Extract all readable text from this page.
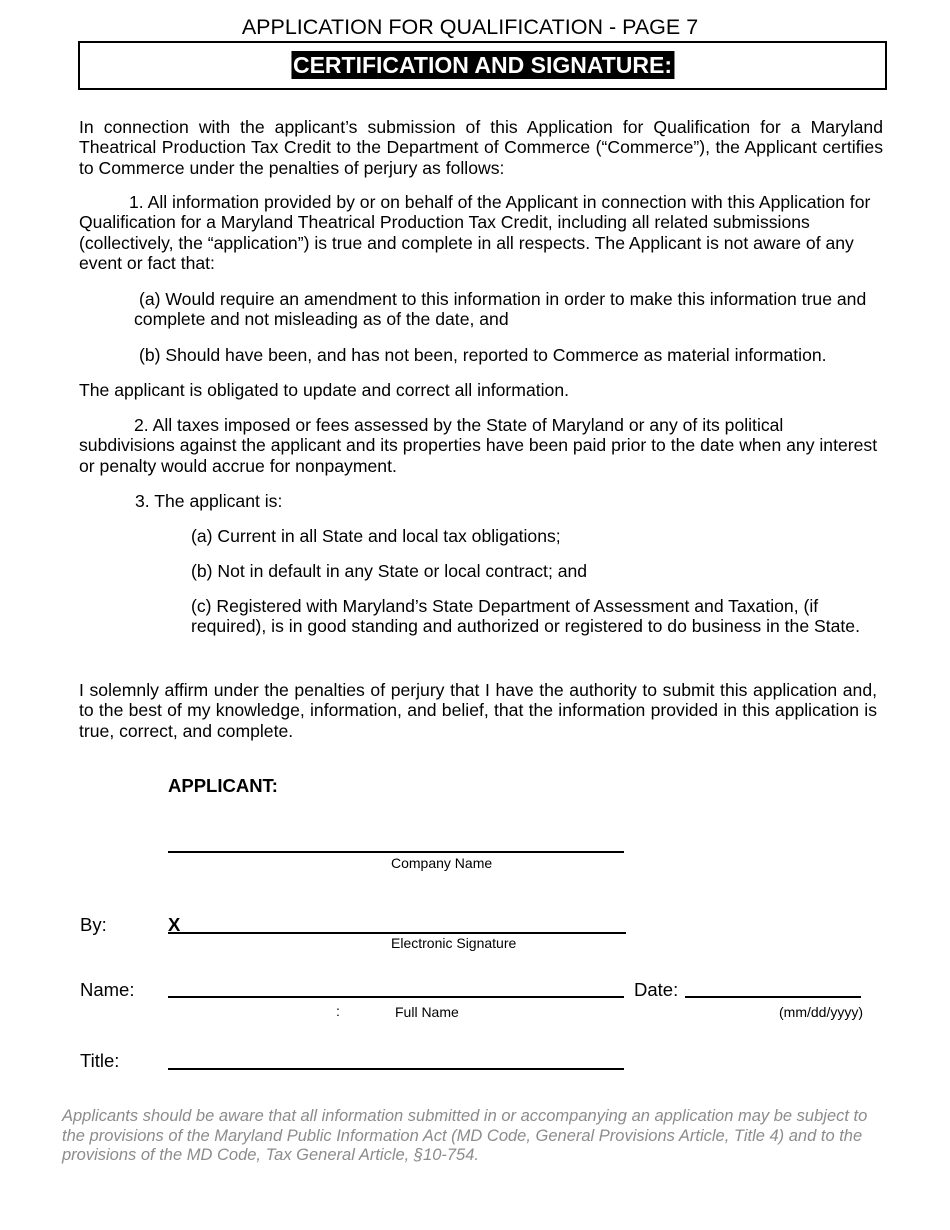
APPLICATION FOR QUALIFICATION - PAGE 7
CERTIFICATION AND SIGNATURE:
In connection with the applicant’s submission of this Application for Qualification for a Maryland Theatrical Production Tax Credit to the Department of Commerce (“Commerce”), the Applicant certifies to Commerce under the penalties of perjury as follows:
1. All information provided by or on behalf of the Applicant in connection with this Application for Qualification for a Maryland Theatrical Production Tax Credit, including all related submissions (collectively, the “application”) is true and complete in all respects. The Applicant is not aware of any event or fact that:
(a) Would require an amendment to this information in order to make this information true and complete and not misleading as of the date, and
(b) Should have been, and has not been, reported to Commerce as material information.
The applicant is obligated to update and correct all information.
2. All taxes imposed or fees assessed by the State of Maryland or any of its political subdivisions against the applicant and its properties have been paid prior to the date when any interest or penalty would accrue for nonpayment.
3. The applicant is:
(a) Current in all State and local tax obligations;
(b) Not in default in any State or local contract; and
(c) Registered with Maryland’s State Department of Assessment and Taxation, (if required), is in good standing and authorized or registered to do business in the State.
I solemnly affirm under the penalties of perjury that I have the authority to submit this application and, to the best of my knowledge, information, and belief, that the information provided in this application is true, correct, and complete.
APPLICANT:
Company Name
By:	X
Electronic Signature
Name:
:	Full Name
Date:
(mm/dd/yyyy)
Title:
Applicants should be aware that all information submitted in or accompanying an application may be subject to the provisions of the Maryland Public Information Act (MD Code, General Provisions Article, Title 4) and to the provisions of the MD Code, Tax General Article, §10-754.
